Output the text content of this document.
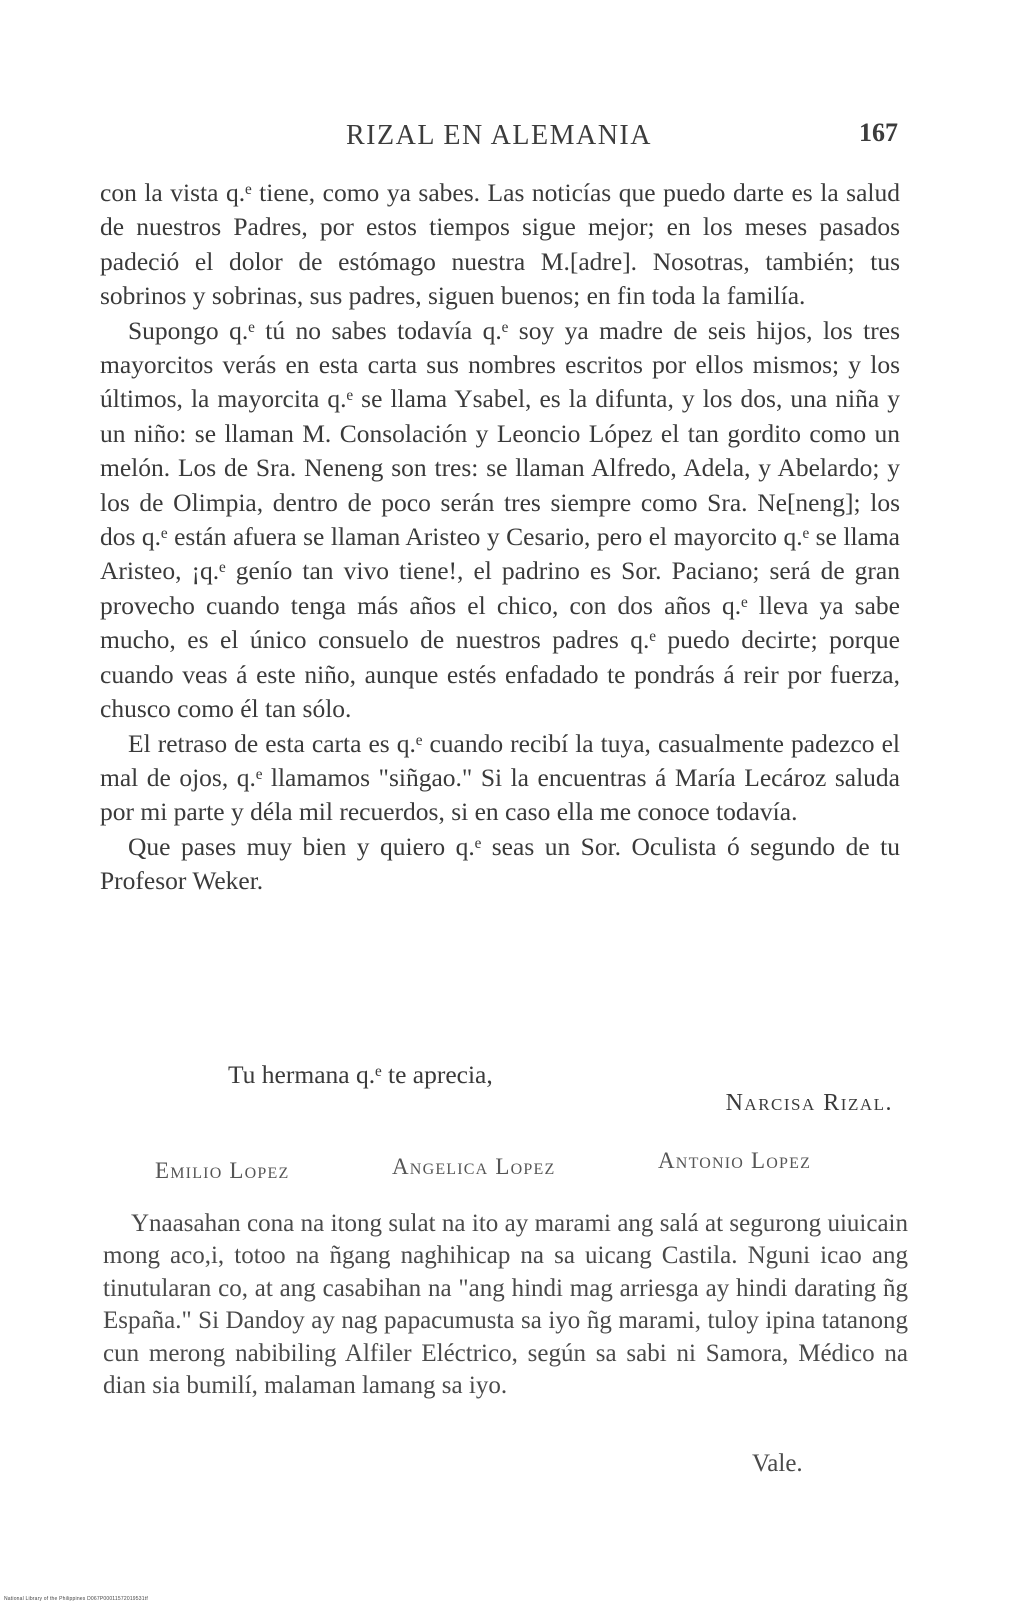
RIZAL EN ALEMANIA	167

con la vista q.ᵉ tiene, como ya sabes. Las noticías que puedo darte es la salud de nuestros Padres, por estos tiempos sigue mejor; en los meses pasados padeció el dolor de estómago nuestra M.[adre]. Nosotras, también; tus sobrinos y sobrinas, sus padres, siguen buenos; en fin toda la familía.

Supongo q.ᵉ tú no sabes todavía q.ᵉ soy ya madre de seis hijos, los tres mayorcitos verás en esta carta sus nombres escritos por ellos mismos; y los últimos, la mayorcita q.ᵉ se llama Ysabel, es la difunta, y los dos, una niña y un niño: se llaman M. Consolación y Leoncio López el tan gordito como un melón. Los de Sra. Neneng son tres: se llaman Alfredo, Adela, y Abelardo; y los de Olimpia, dentro de poco serán tres siempre como Sra. Ne[neng]; los dos q.ᵉ están afuera se llaman Aristeo y Cesario, pero el mayorcito q.ᵉ se llama Aristeo, ¡q.ᵉ genío tan vivo tiene!, el padrino es Sor. Paciano; será de gran provecho cuando tenga más años el chico, con dos años q.ᵉ lleva ya sabe mucho, es el único consuelo de nuestros padres q.ᵉ puedo decirte; porque cuando veas á este niño, aunque estés enfadado te pondrás á reir por fuerza, chusco como él tan sólo.

El retraso de esta carta es q.ᵉ cuando recibí la tuya, casualmente padezco el mal de ojos, q.ᵉ llamamos "siñgao." Si la encuentras á María Lecároz saluda por mi parte y déla mil recuerdos, si en caso ella me conoce todavía.

Que pases muy bien y quiero q.ᵉ seas un Sor. Oculista ó segundo de tu Profesor Weker.

Tu hermana q.ᵉ te aprecia,
Narcisa Rizal.
Emilio Lopez	Angelica Lopez	Antonio Lopez
Ynaasahan cona na itong sulat na ito ay marami ang salá at segurong uiuicain mong aco,i, totoo na ñgang naghihicap na sa uicang Castila. Nguni icao ang tinutularan co, at ang casabihan na "ang hindi mag arriesga ay hindi darating ñg España." Si Dandoy ay nag papacumusta sa iyo ñg marami, tuloy ipina tatanong cun merong nabibiling Alfiler Eléctrico, según sa sabi ni Samora, Médico na dian sia bumilí, malaman lamang sa iyo.
Vale.
National Library of the Philippines D067P00011572019531tf
